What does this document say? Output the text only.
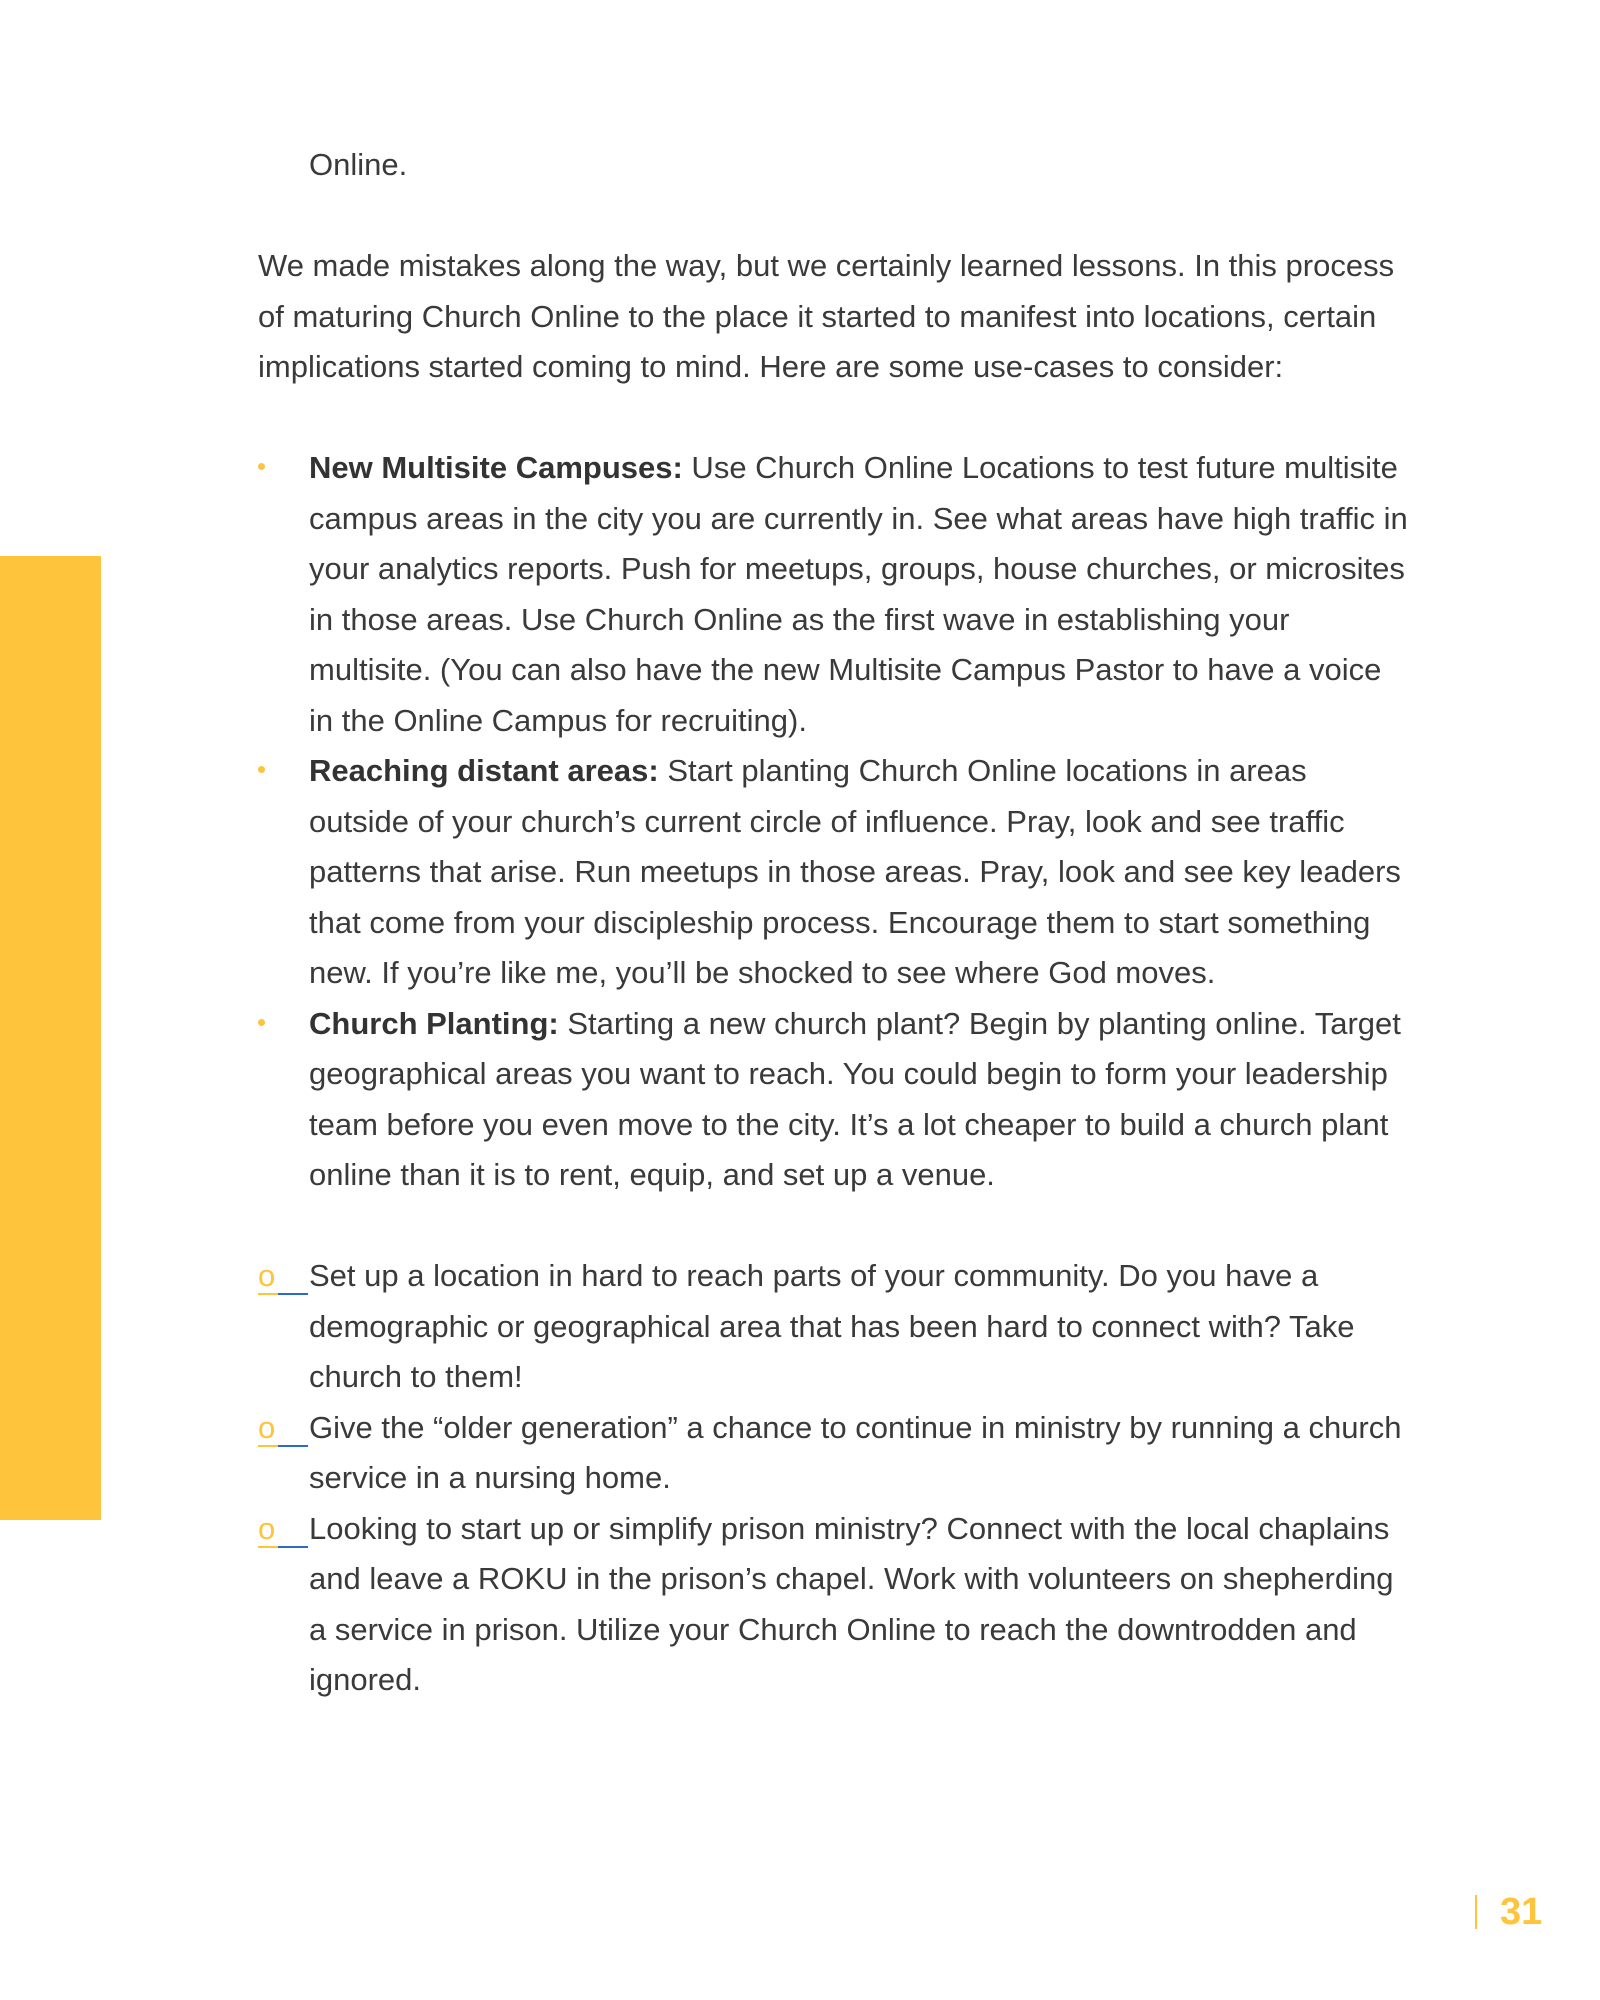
Online.

We made mistakes along the way, but we certainly learned lessons. In this process of maturing Church Online to the place it started to manifest into locations, certain implications started coming to mind. Here are some use-cases to consider:

New Multisite Campuses: Use Church Online Locations to test future multisite campus areas in the city you are currently in. See what areas have high traffic in your analytics reports. Push for meetups, groups, house churches, or microsites in those areas. Use Church Online as the first wave in establishing your multisite. (You can also have the new Multisite Campus Pastor to have a voice in the Online Campus for recruiting).
Reaching distant areas: Start planting Church Online locations in areas outside of your church’s current circle of influence. Pray, look and see traffic patterns that arise. Run meetups in those areas. Pray, look and see key leaders that come from your discipleship process. Encourage them to start something new. If you’re like me, you’ll be shocked to see where God moves.
Church Planting: Starting a new church plant? Begin by planting online. Target geographical areas you want to reach. You could begin to form your leadership team before you even move to the city. It’s a lot cheaper to build a church plant online than it is to rent, equip, and set up a venue.
o Set up a location in hard to reach parts of your community. Do you have a demographic or geographical area that has been hard to connect with? Take church to them!
o Give the “older generation” a chance to continue in ministry by running a church service in a nursing home.
o Looking to start up or simplify prison ministry? Connect with the local chaplains and leave a ROKU in the prison’s chapel. Work with volunteers on shepherding a service in prison. Utilize your Church Online to reach the downtrodden and ignored.
31
